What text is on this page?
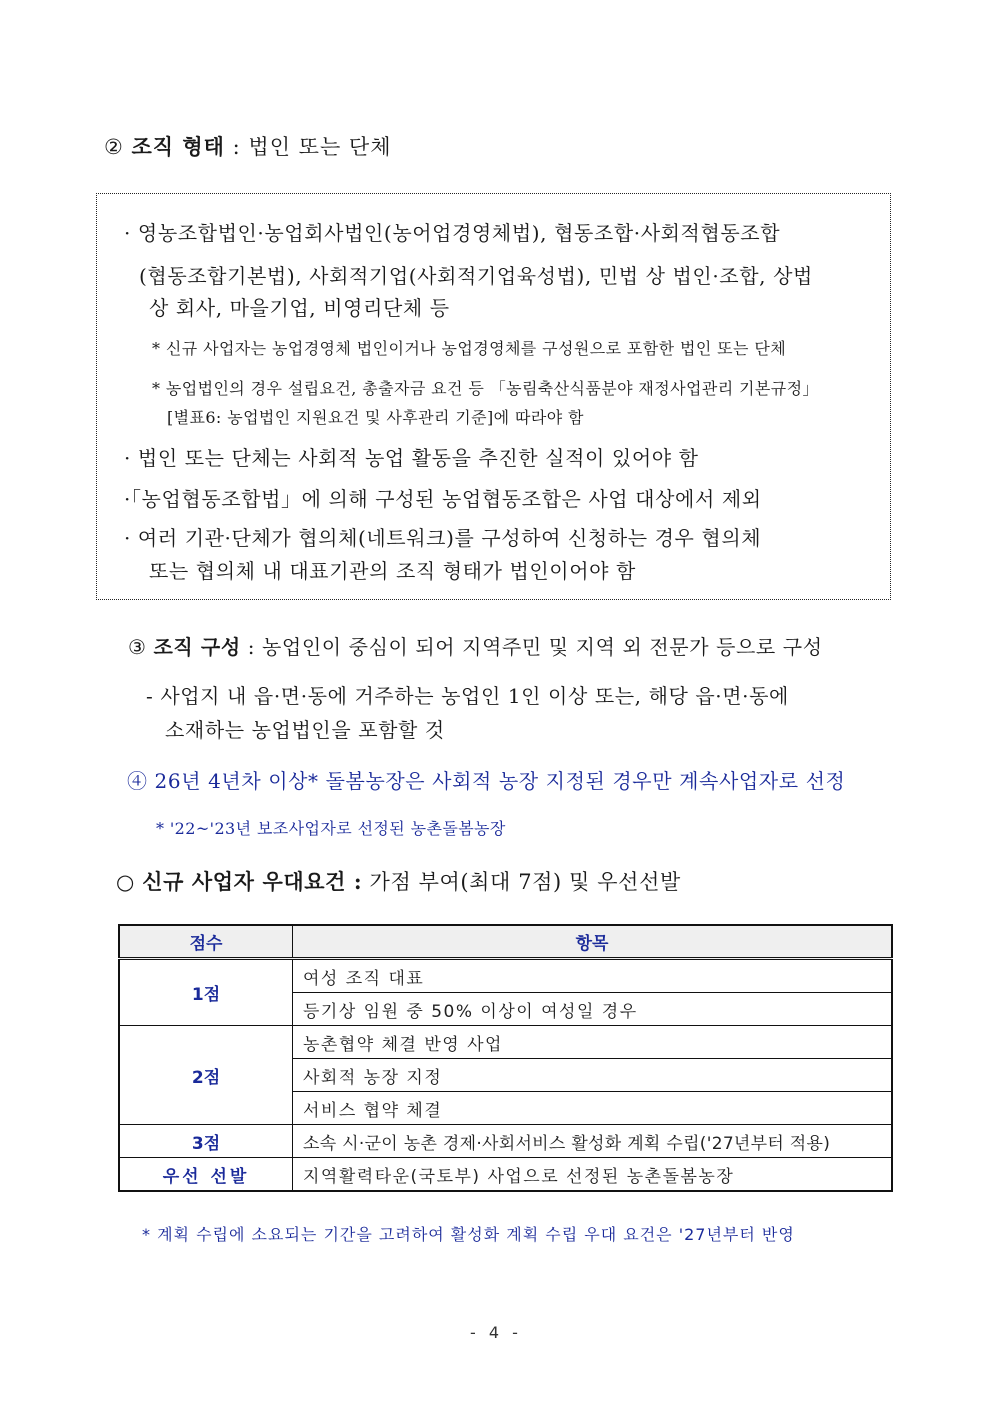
② 조직 형태 : 법인 또는 단체
· 영농조합법인·농업회사법인(농어업경영체법), 협동조합·사회적협동조합
(협동조합기본법), 사회적기업(사회적기업육성법), 민법 상 법인·조합, 상법
상 회사, 마을기업, 비영리단체 등
* 신규 사업자는 농업경영체 법인이거나 농업경영체를 구성원으로 포함한 법인 또는 단체
* 농업법인의 경우 설립요건, 총출자금 요건 등 「농림축산식품분야 재정사업관리 기본규정」
[별표6: 농업법인 지원요건 및 사후관리 기준]에 따라야 함
· 법인 또는 단체는 사회적 농업 활동을 추진한 실적이 있어야 함
·「농업협동조합법」에 의해 구성된 농업협동조합은 사업 대상에서 제외
· 여러 기관·단체가 협의체(네트워크)를 구성하여 신청하는 경우 협의체
또는 협의체 내 대표기관의 조직 형태가 법인이어야 함
③ 조직 구성 : 농업인이 중심이 되어 지역주민 및 지역 외 전문가 등으로 구성
- 사업지 내 읍·면·동에 거주하는 농업인 1인 이상 또는, 해당 읍·면·동에
소재하는 농업법인을 포함할 것
④ 26년 4년차 이상* 돌봄농장은 사회적 농장 지정된 경우만 계속사업자로 선정
* '22~'23년 보조사업자로 선정된 농촌돌봄농장
○ 신규 사업자 우대요건 : 가점 부여(최대 7점) 및 우선선발
점수	항목
1점	여성 조직 대표
	등기상 임원 중 50% 이상이 여성일 경우
2점	농촌협약 체결 반영 사업
	사회적 농장 지정
	서비스 협약 체결
3점	소속 시·군이 농촌 경제·사회서비스 활성화 계획 수립('27년부터 적용)
우선 선발	지역활력타운(국토부) 사업으로 선정된 농촌돌봄농장
* 계획 수립에 소요되는 기간을 고려하여 활성화 계획 수립 우대 요건은 '27년부터 반영
- 4 -
